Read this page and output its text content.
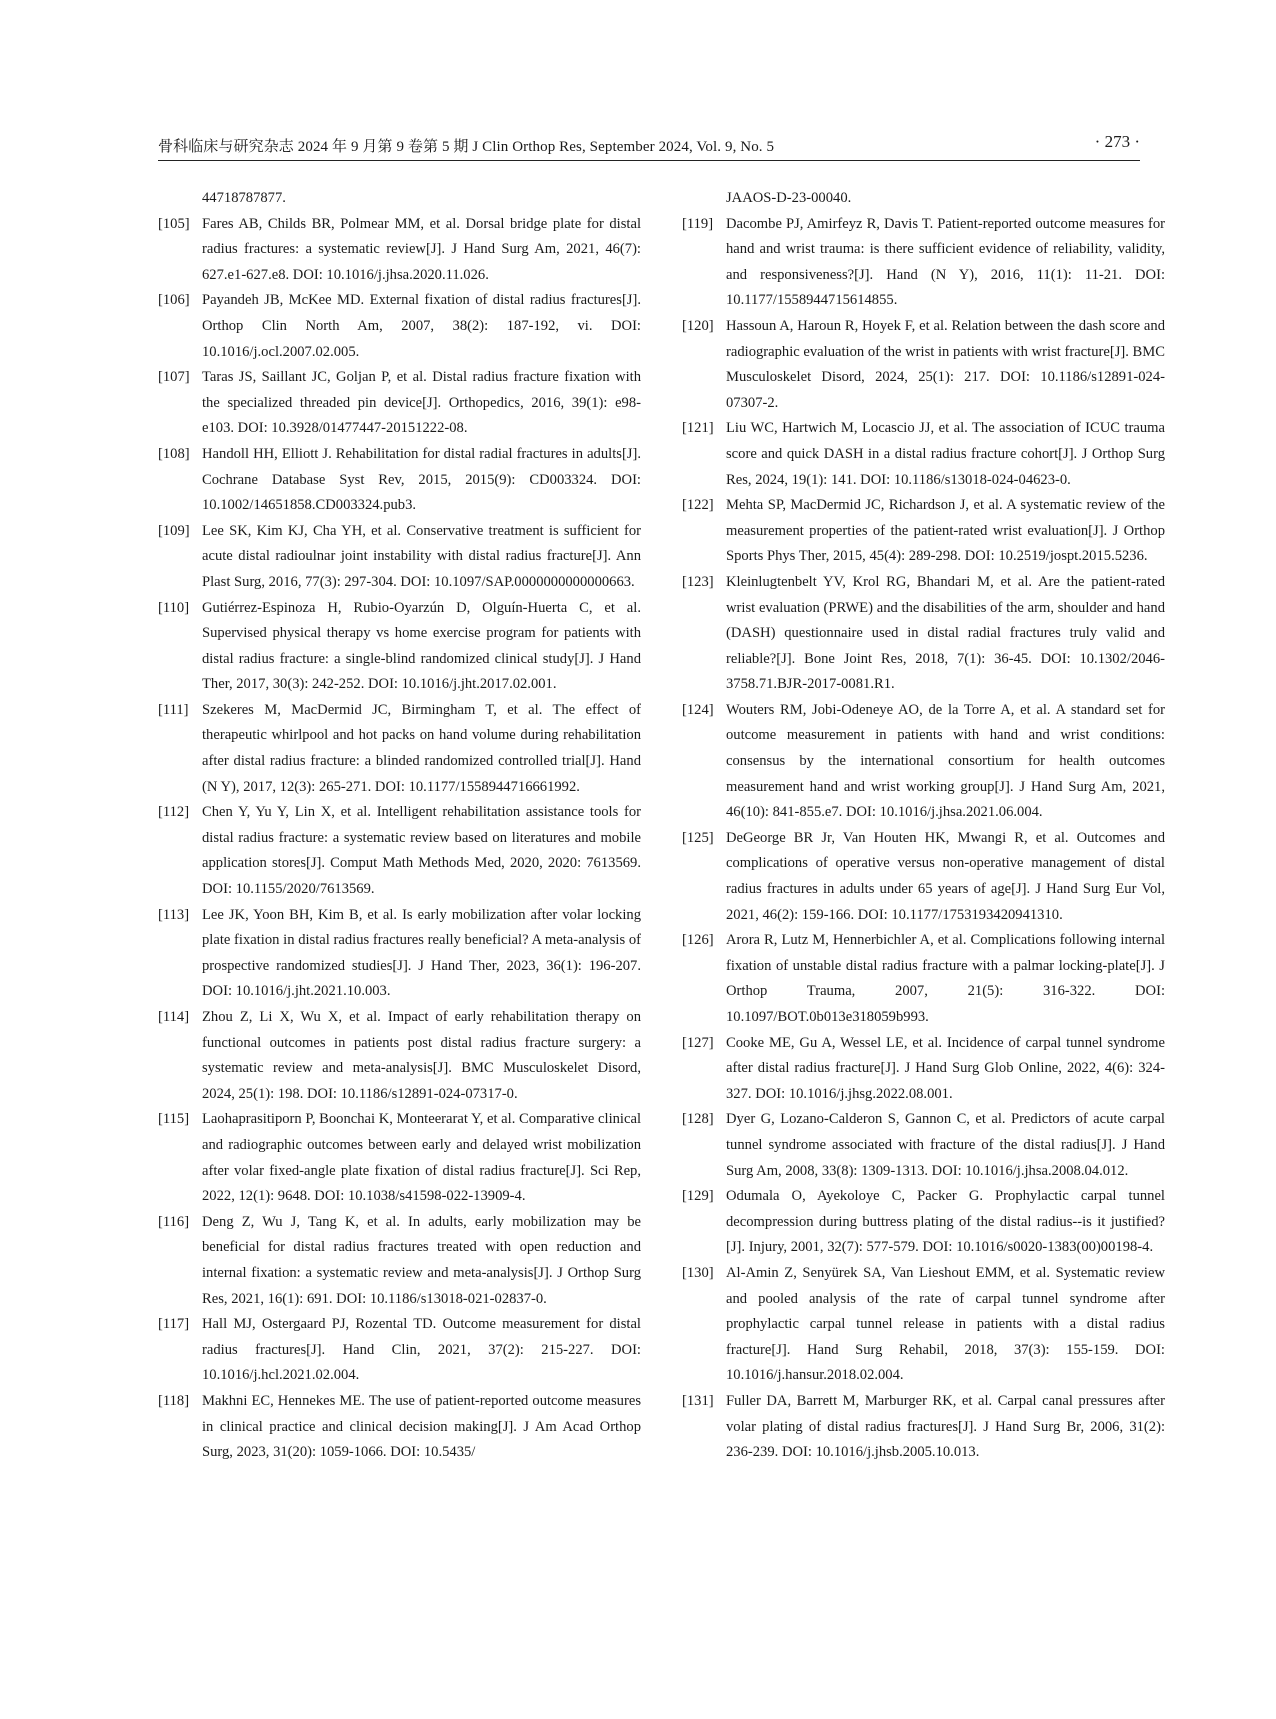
骨科临床与研究杂志 2024 年 9 月第 9 卷第 5 期 J Clin Orthop Res, September 2024, Vol. 9, No. 5	· 273 ·
44718787877.
[105] Fares AB, Childs BR, Polmear MM, et al. Dorsal bridge plate for distal radius fractures: a systematic review[J]. J Hand Surg Am, 2021, 46(7): 627.e1-627.e8. DOI: 10.1016/j.jhsa.2020.11.026.
[106] Payandeh JB, McKee MD. External fixation of distal radius fractures[J]. Orthop Clin North Am, 2007, 38(2): 187-192, vi. DOI: 10.1016/j.ocl.2007.02.005.
[107] Taras JS, Saillant JC, Goljan P, et al. Distal radius fracture fixation with the specialized threaded pin device[J]. Orthopedics, 2016, 39(1): e98-e103. DOI: 10.3928/01477447-20151222-08.
[108] Handoll HH, Elliott J. Rehabilitation for distal radial fractures in adults[J]. Cochrane Database Syst Rev, 2015, 2015(9): CD003324. DOI: 10.1002/14651858.CD003324.pub3.
[109] Lee SK, Kim KJ, Cha YH, et al. Conservative treatment is sufficient for acute distal radioulnar joint instability with distal radius fracture[J]. Ann Plast Surg, 2016, 77(3): 297-304. DOI: 10.1097/SAP.0000000000000663.
[110] Gutiérrez-Espinoza H, Rubio-Oyarzún D, Olguín-Huerta C, et al. Supervised physical therapy vs home exercise program for patients with distal radius fracture: a single-blind randomized clinical study[J]. J Hand Ther, 2017, 30(3): 242-252. DOI: 10.1016/j.jht.2017.02.001.
[111] Szekeres M, MacDermid JC, Birmingham T, et al. The effect of therapeutic whirlpool and hot packs on hand volume during rehabilitation after distal radius fracture: a blinded randomized controlled trial[J]. Hand (N Y), 2017, 12(3): 265-271. DOI: 10.1177/1558944716661992.
[112] Chen Y, Yu Y, Lin X, et al. Intelligent rehabilitation assistance tools for distal radius fracture: a systematic review based on literatures and mobile application stores[J]. Comput Math Methods Med, 2020, 2020: 7613569. DOI: 10.1155/2020/7613569.
[113] Lee JK, Yoon BH, Kim B, et al. Is early mobilization after volar locking plate fixation in distal radius fractures really beneficial? A meta-analysis of prospective randomized studies[J]. J Hand Ther, 2023, 36(1): 196-207. DOI: 10.1016/j.jht.2021.10.003.
[114] Zhou Z, Li X, Wu X, et al. Impact of early rehabilitation therapy on functional outcomes in patients post distal radius fracture surgery: a systematic review and meta-analysis[J]. BMC Musculoskelet Disord, 2024, 25(1): 198. DOI: 10.1186/s12891-024-07317-0.
[115] Laohaprasitiporn P, Boonchai K, Monteerarat Y, et al. Comparative clinical and radiographic outcomes between early and delayed wrist mobilization after volar fixed-angle plate fixation of distal radius fracture[J]. Sci Rep, 2022, 12(1): 9648. DOI: 10.1038/s41598-022-13909-4.
[116] Deng Z, Wu J, Tang K, et al. In adults, early mobilization may be beneficial for distal radius fractures treated with open reduction and internal fixation: a systematic review and meta-analysis[J]. J Orthop Surg Res, 2021, 16(1): 691. DOI: 10.1186/s13018-021-02837-0.
[117] Hall MJ, Ostergaard PJ, Rozental TD. Outcome measurement for distal radius fractures[J]. Hand Clin, 2021, 37(2): 215-227. DOI: 10.1016/j.hcl.2021.02.004.
[118] Makhni EC, Hennekes ME. The use of patient-reported outcome measures in clinical practice and clinical decision making[J]. J Am Acad Orthop Surg, 2023, 31(20): 1059-1066. DOI: 10.5435/
JAAOS-D-23-00040.
[119] Dacombe PJ, Amirfeyz R, Davis T. Patient-reported outcome measures for hand and wrist trauma: is there sufficient evidence of reliability, validity, and responsiveness?[J]. Hand (N Y), 2016, 11(1): 11-21. DOI: 10.1177/1558944715614855.
[120] Hassoun A, Haroun R, Hoyek F, et al. Relation between the dash score and radiographic evaluation of the wrist in patients with wrist fracture[J]. BMC Musculoskelet Disord, 2024, 25(1): 217. DOI: 10.1186/s12891-024-07307-2.
[121] Liu WC, Hartwich M, Locascio JJ, et al. The association of ICUC trauma score and quick DASH in a distal radius fracture cohort[J]. J Orthop Surg Res, 2024, 19(1): 141. DOI: 10.1186/s13018-024-04623-0.
[122] Mehta SP, MacDermid JC, Richardson J, et al. A systematic review of the measurement properties of the patient-rated wrist evaluation[J]. J Orthop Sports Phys Ther, 2015, 45(4): 289-298. DOI: 10.2519/jospt.2015.5236.
[123] Kleinlugtenbelt YV, Krol RG, Bhandari M, et al. Are the patient-rated wrist evaluation (PRWE) and the disabilities of the arm, shoulder and hand (DASH) questionnaire used in distal radial fractures truly valid and reliable?[J]. Bone Joint Res, 2018, 7(1): 36-45. DOI: 10.1302/2046-3758.71.BJR-2017-0081.R1.
[124] Wouters RM, Jobi-Odeneye AO, de la Torre A, et al. A standard set for outcome measurement in patients with hand and wrist conditions: consensus by the international consortium for health outcomes measurement hand and wrist working group[J]. J Hand Surg Am, 2021, 46(10): 841-855.e7. DOI: 10.1016/j.jhsa.2021.06.004.
[125] DeGeorge BR Jr, Van Houten HK, Mwangi R, et al. Outcomes and complications of operative versus non-operative management of distal radius fractures in adults under 65 years of age[J]. J Hand Surg Eur Vol, 2021, 46(2): 159-166. DOI: 10.1177/1753193420941310.
[126] Arora R, Lutz M, Hennerbichler A, et al. Complications following internal fixation of unstable distal radius fracture with a palmar locking-plate[J]. J Orthop Trauma, 2007, 21(5): 316-322. DOI: 10.1097/BOT.0b013e318059b993.
[127] Cooke ME, Gu A, Wessel LE, et al. Incidence of carpal tunnel syndrome after distal radius fracture[J]. J Hand Surg Glob Online, 2022, 4(6): 324-327. DOI: 10.1016/j.jhsg.2022.08.001.
[128] Dyer G, Lozano-Calderon S, Gannon C, et al. Predictors of acute carpal tunnel syndrome associated with fracture of the distal radius[J]. J Hand Surg Am, 2008, 33(8): 1309-1313. DOI: 10.1016/j.jhsa.2008.04.012.
[129] Odumala O, Ayekoloye C, Packer G. Prophylactic carpal tunnel decompression during buttress plating of the distal radius--is it justified?[J]. Injury, 2001, 32(7): 577-579. DOI: 10.1016/s0020-1383(00)00198-4.
[130] Al-Amin Z, Senyürek SA, Van Lieshout EMM, et al. Systematic review and pooled analysis of the rate of carpal tunnel syndrome after prophylactic carpal tunnel release in patients with a distal radius fracture[J]. Hand Surg Rehabil, 2018, 37(3): 155-159. DOI: 10.1016/j.hansur.2018.02.004.
[131] Fuller DA, Barrett M, Marburger RK, et al. Carpal canal pressures after volar plating of distal radius fractures[J]. J Hand Surg Br, 2006, 31(2): 236-239. DOI: 10.1016/j.jhsb.2005.10.013.
